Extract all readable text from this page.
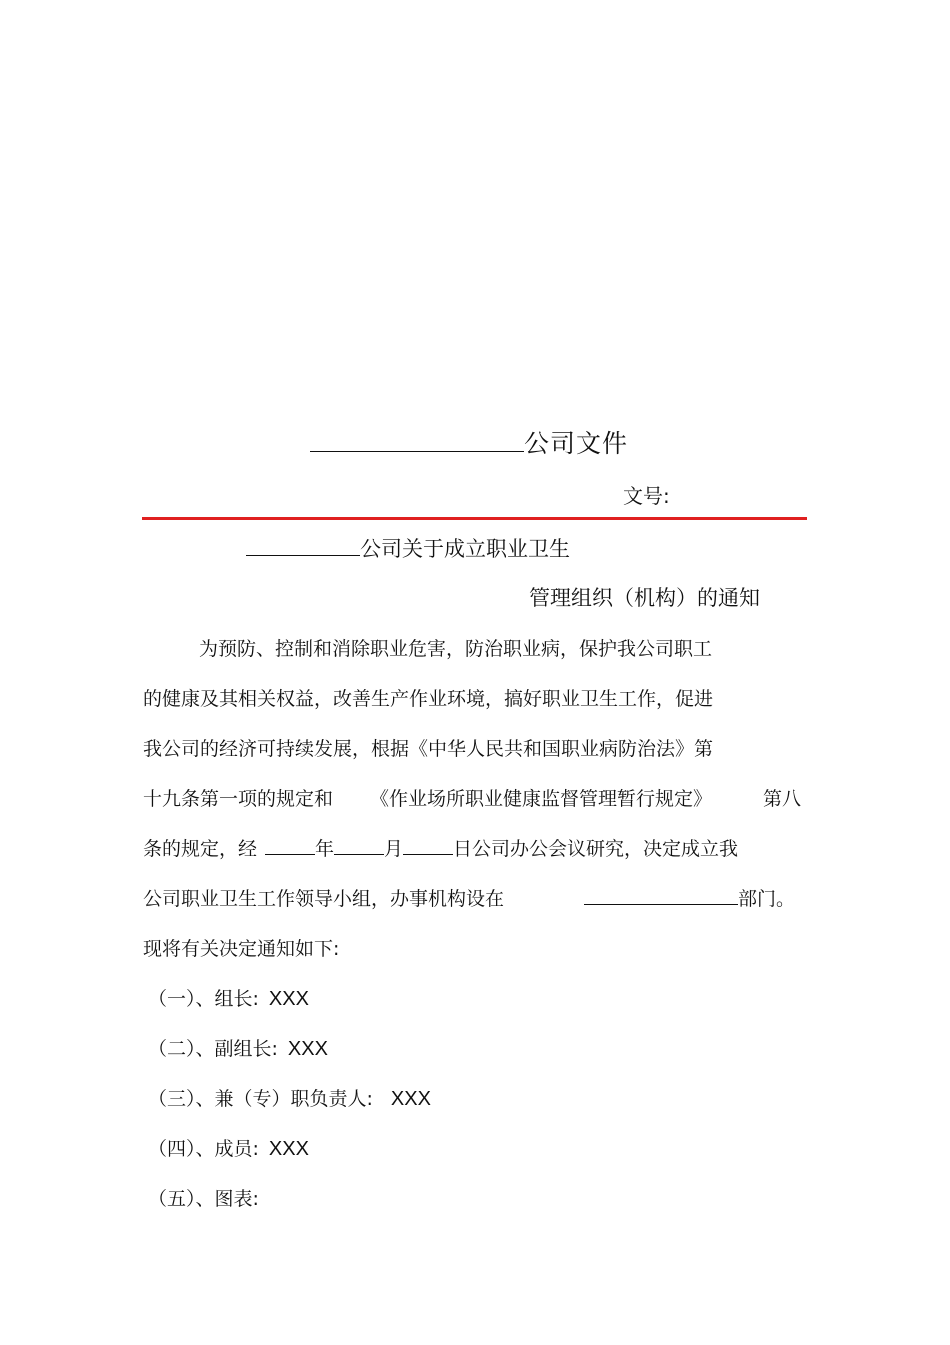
公司文件
文号:
公司关于成立职业卫生
管理组织（机构）的通知
为预防、控制和消除职业危害，防治职业病，保护我公司职工
的健康及其相关权益，改善生产作业环境，搞好职业卫生工作，促进
我公司的经济可持续发展，根据《中华人民共和国职业病防治法》第
十九条第一项的规定和 《作业场所职业健康监督管理暂行规定》	第八
条的规定，经	年	月	日公司办公会议研究，决定成立我
公司职业卫生工作领导小组，办事机构设在	部门。
现将有关决定通知如下:
（一）、组长: XXX
（二）、副组长: XXX
（三）、兼（专）职负责人: XXX
（四）、成员: XXX
（五）、图表:
